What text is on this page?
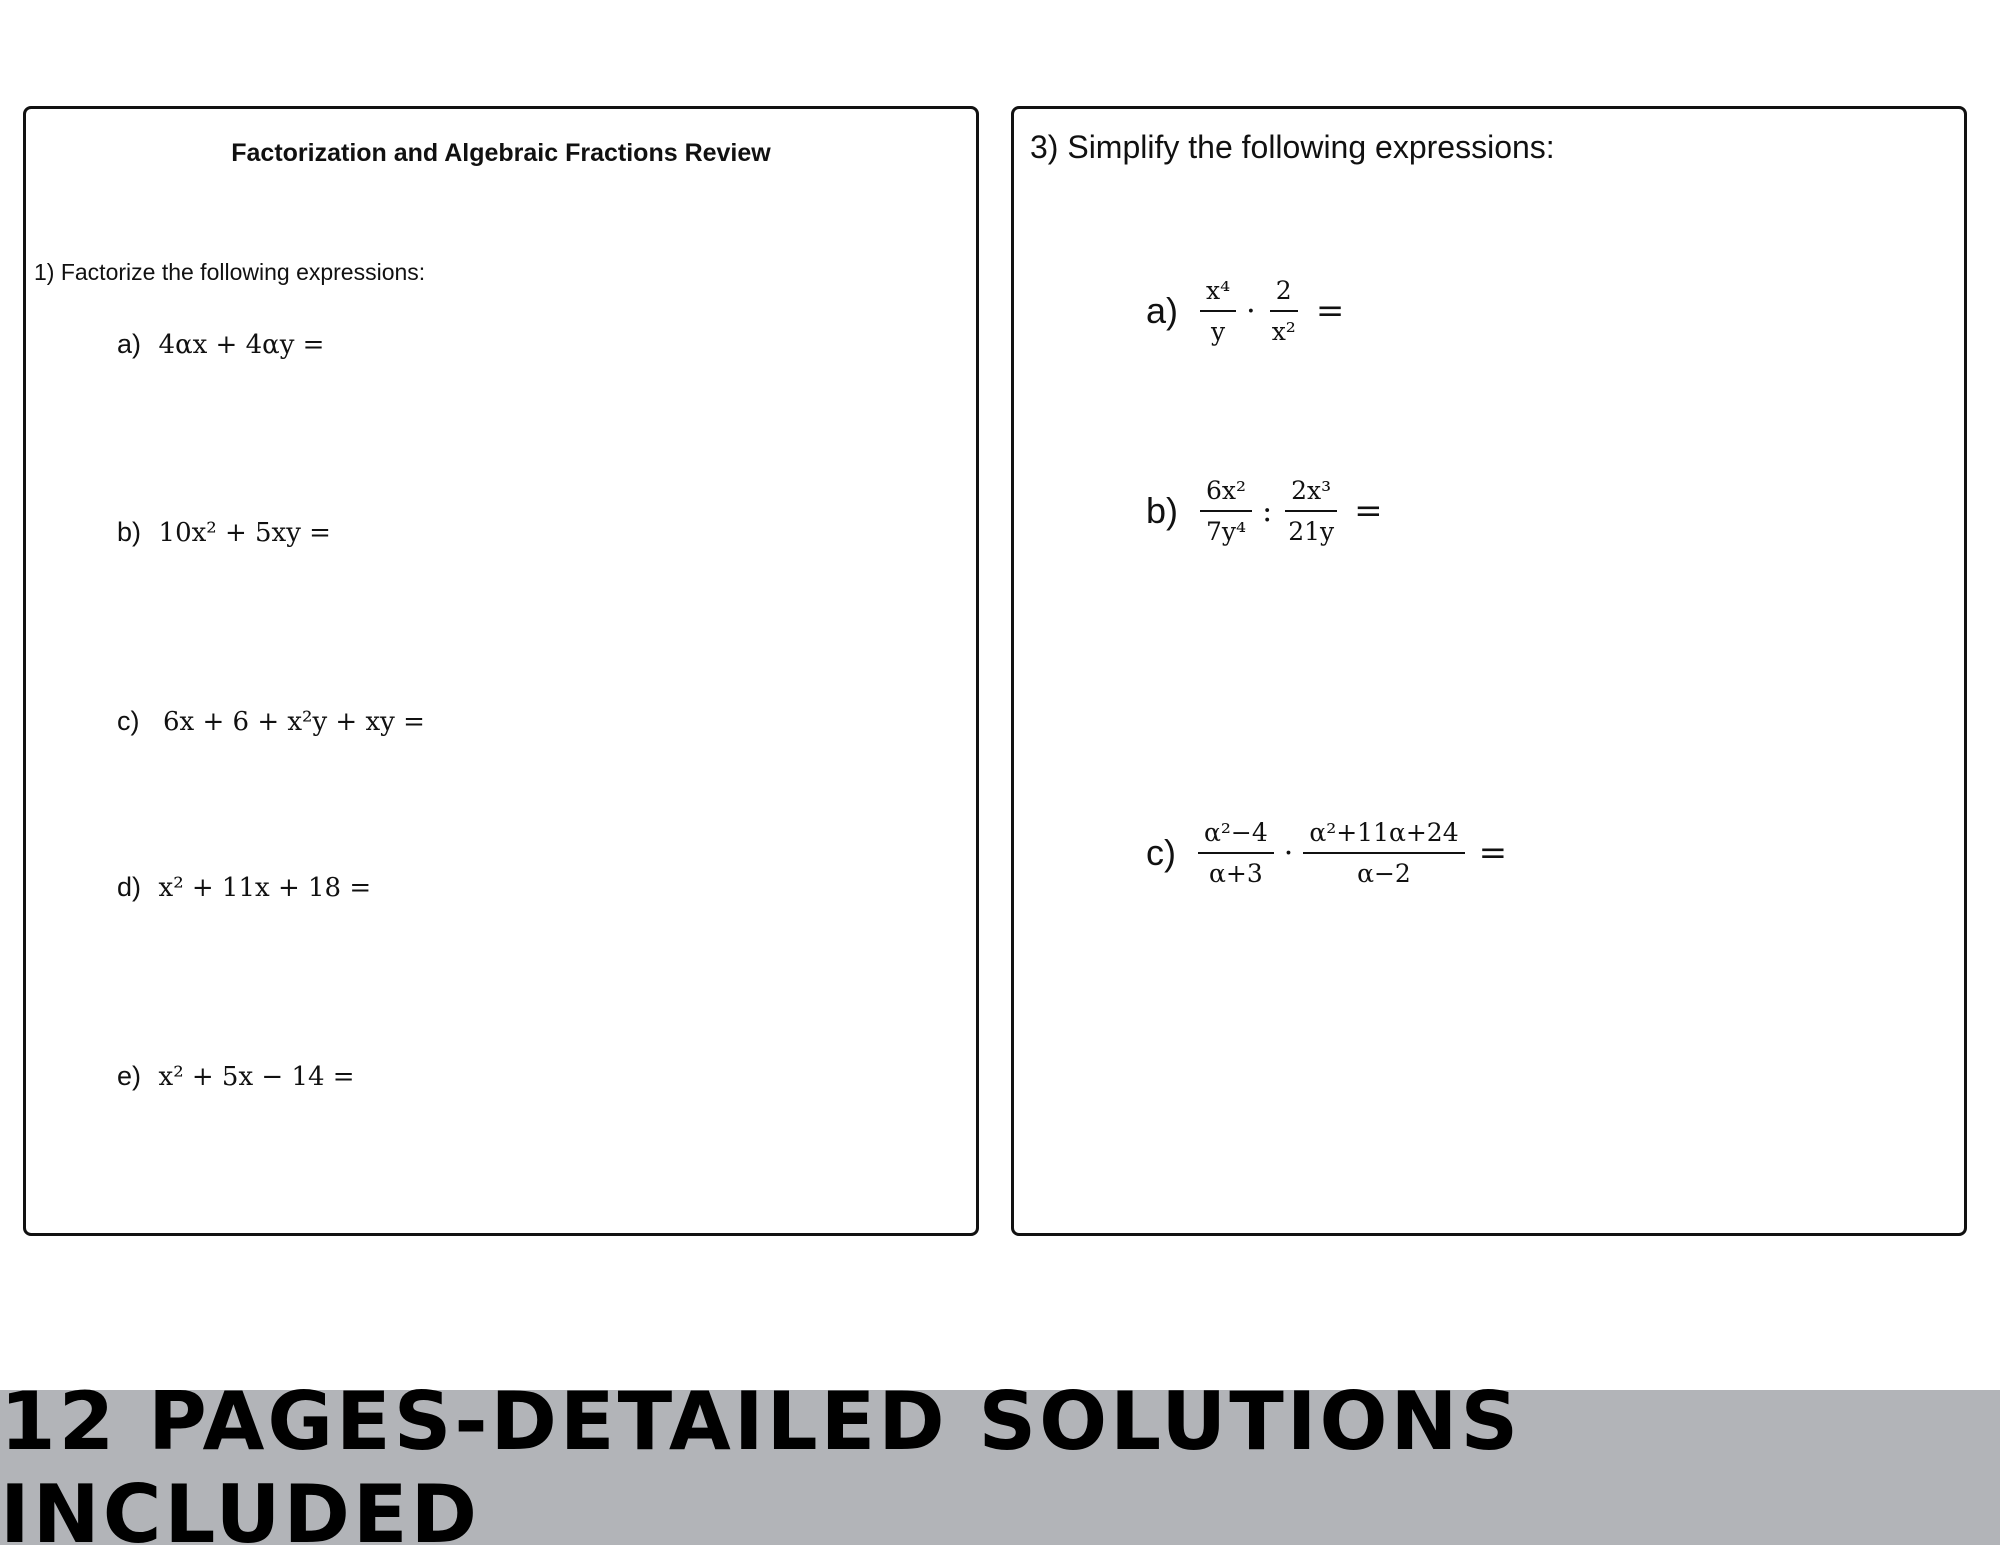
Factorization and Algebraic Fractions Review
1) Factorize the following expressions:
a) 4αx + 4αy =
b) 10x² + 5xy =
c) 6x + 6 + x²y + xy =
d) x² + 11x + 18 =
e) x² + 5x − 14 =
3) Simplify the following expressions:
$a) \frac{\text{x⁴}}{y} \cdot \frac{2}{\text{x²}}$ =
$b) \frac{\text{6x²}}{\text{7y⁴}}$ : $\frac{\text{2x³}}{21y}$ =
$c) \frac{\text{α²−4}}{\alpha+3} \cdot \frac{\text{α²+11α+24}}{\alpha-2}$ =
12 PAGES-DETAILED SOLUTIONS INCLUDED
